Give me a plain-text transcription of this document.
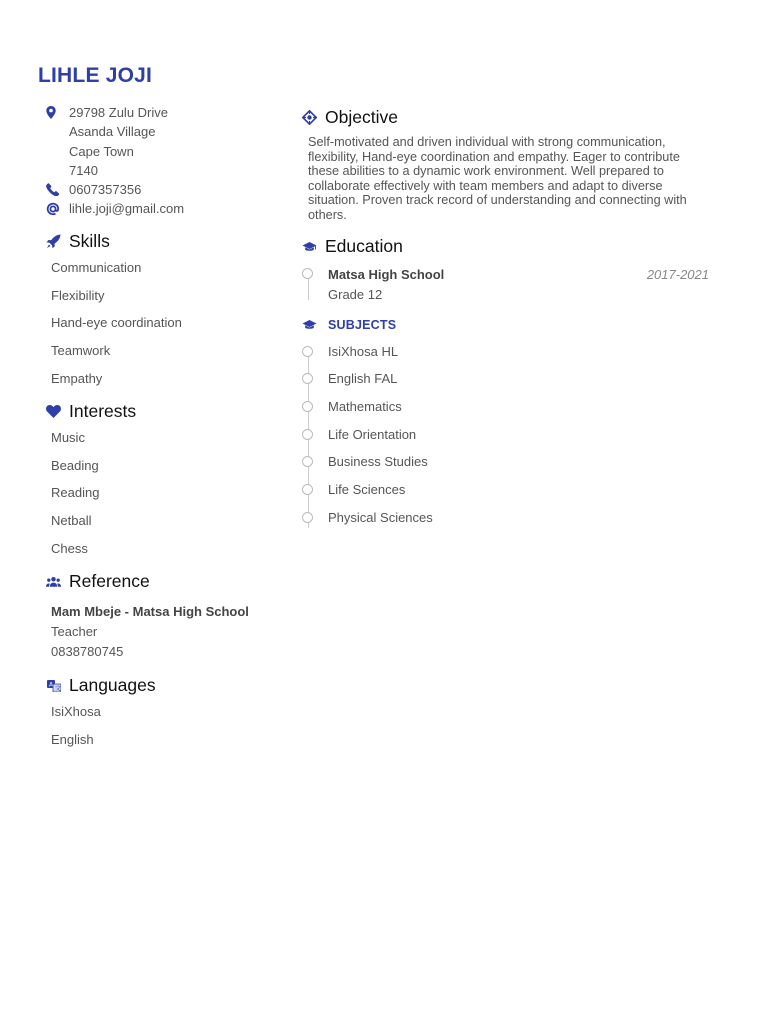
LIHLE JOJI
29798 Zulu Drive
Asanda Village
Cape Town
7140
0607357356
lihle.joji@gmail.com
Skills
Communication
Flexibility
Hand-eye coordination
Teamwork
Empathy
Interests
Music
Beading
Reading
Netball
Chess
Reference
Mam Mbeje - Matsa High School
Teacher
0838780745
A
文 Languages
IsiXhosa
English
Objective
Self-motivated and driven individual with strong communication, flexibility, Hand-eye coordination and empathy. Eager to contribute these abilities to a dynamic work environment. Well prepared to collaborate effectively with team members and adapt to diverse situation. Proven track record of understanding and connecting with others.
Education
Matsa High School	2017-2021
Grade 12
SUBJECTS
IsiXhosa HL
English FAL
Mathematics
Life Orientation
Business Studies
Life Sciences
Physical Sciences
